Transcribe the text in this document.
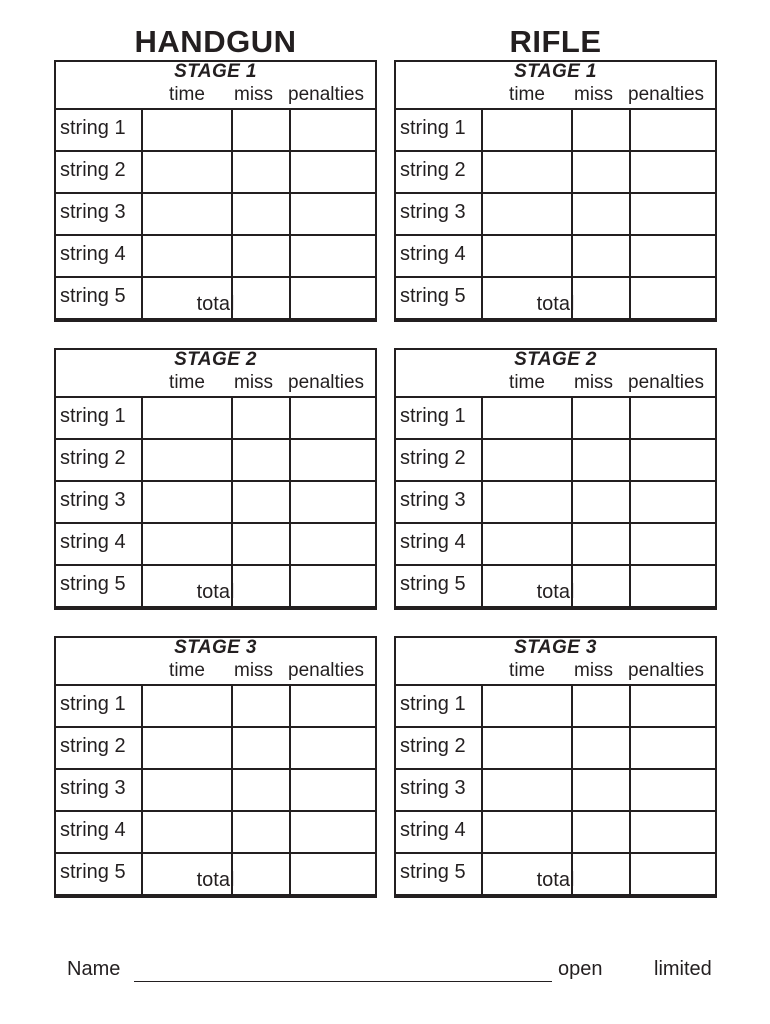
HANDGUN	RIFLE
STAGE 1
time	miss penalties
string 1
string 2
string 3
string 4
string 5	total
STAGE 2
time	miss penalties
string 1
string 2
string 3
string 4
string 5	total
STAGE 3
time	miss penalties
string 1
string 2
string 3
string 4
string 5	total
STAGE 1
time	miss penalties
string 1
string 2
string 3
string 4
string 5	total
STAGE 2
time	miss penalties
string 1
string 2
string 3
string 4
string 5	total
STAGE 3
time	miss penalties
string 1
string 2
string 3
string 4
string 5	total
Name	open	limited
